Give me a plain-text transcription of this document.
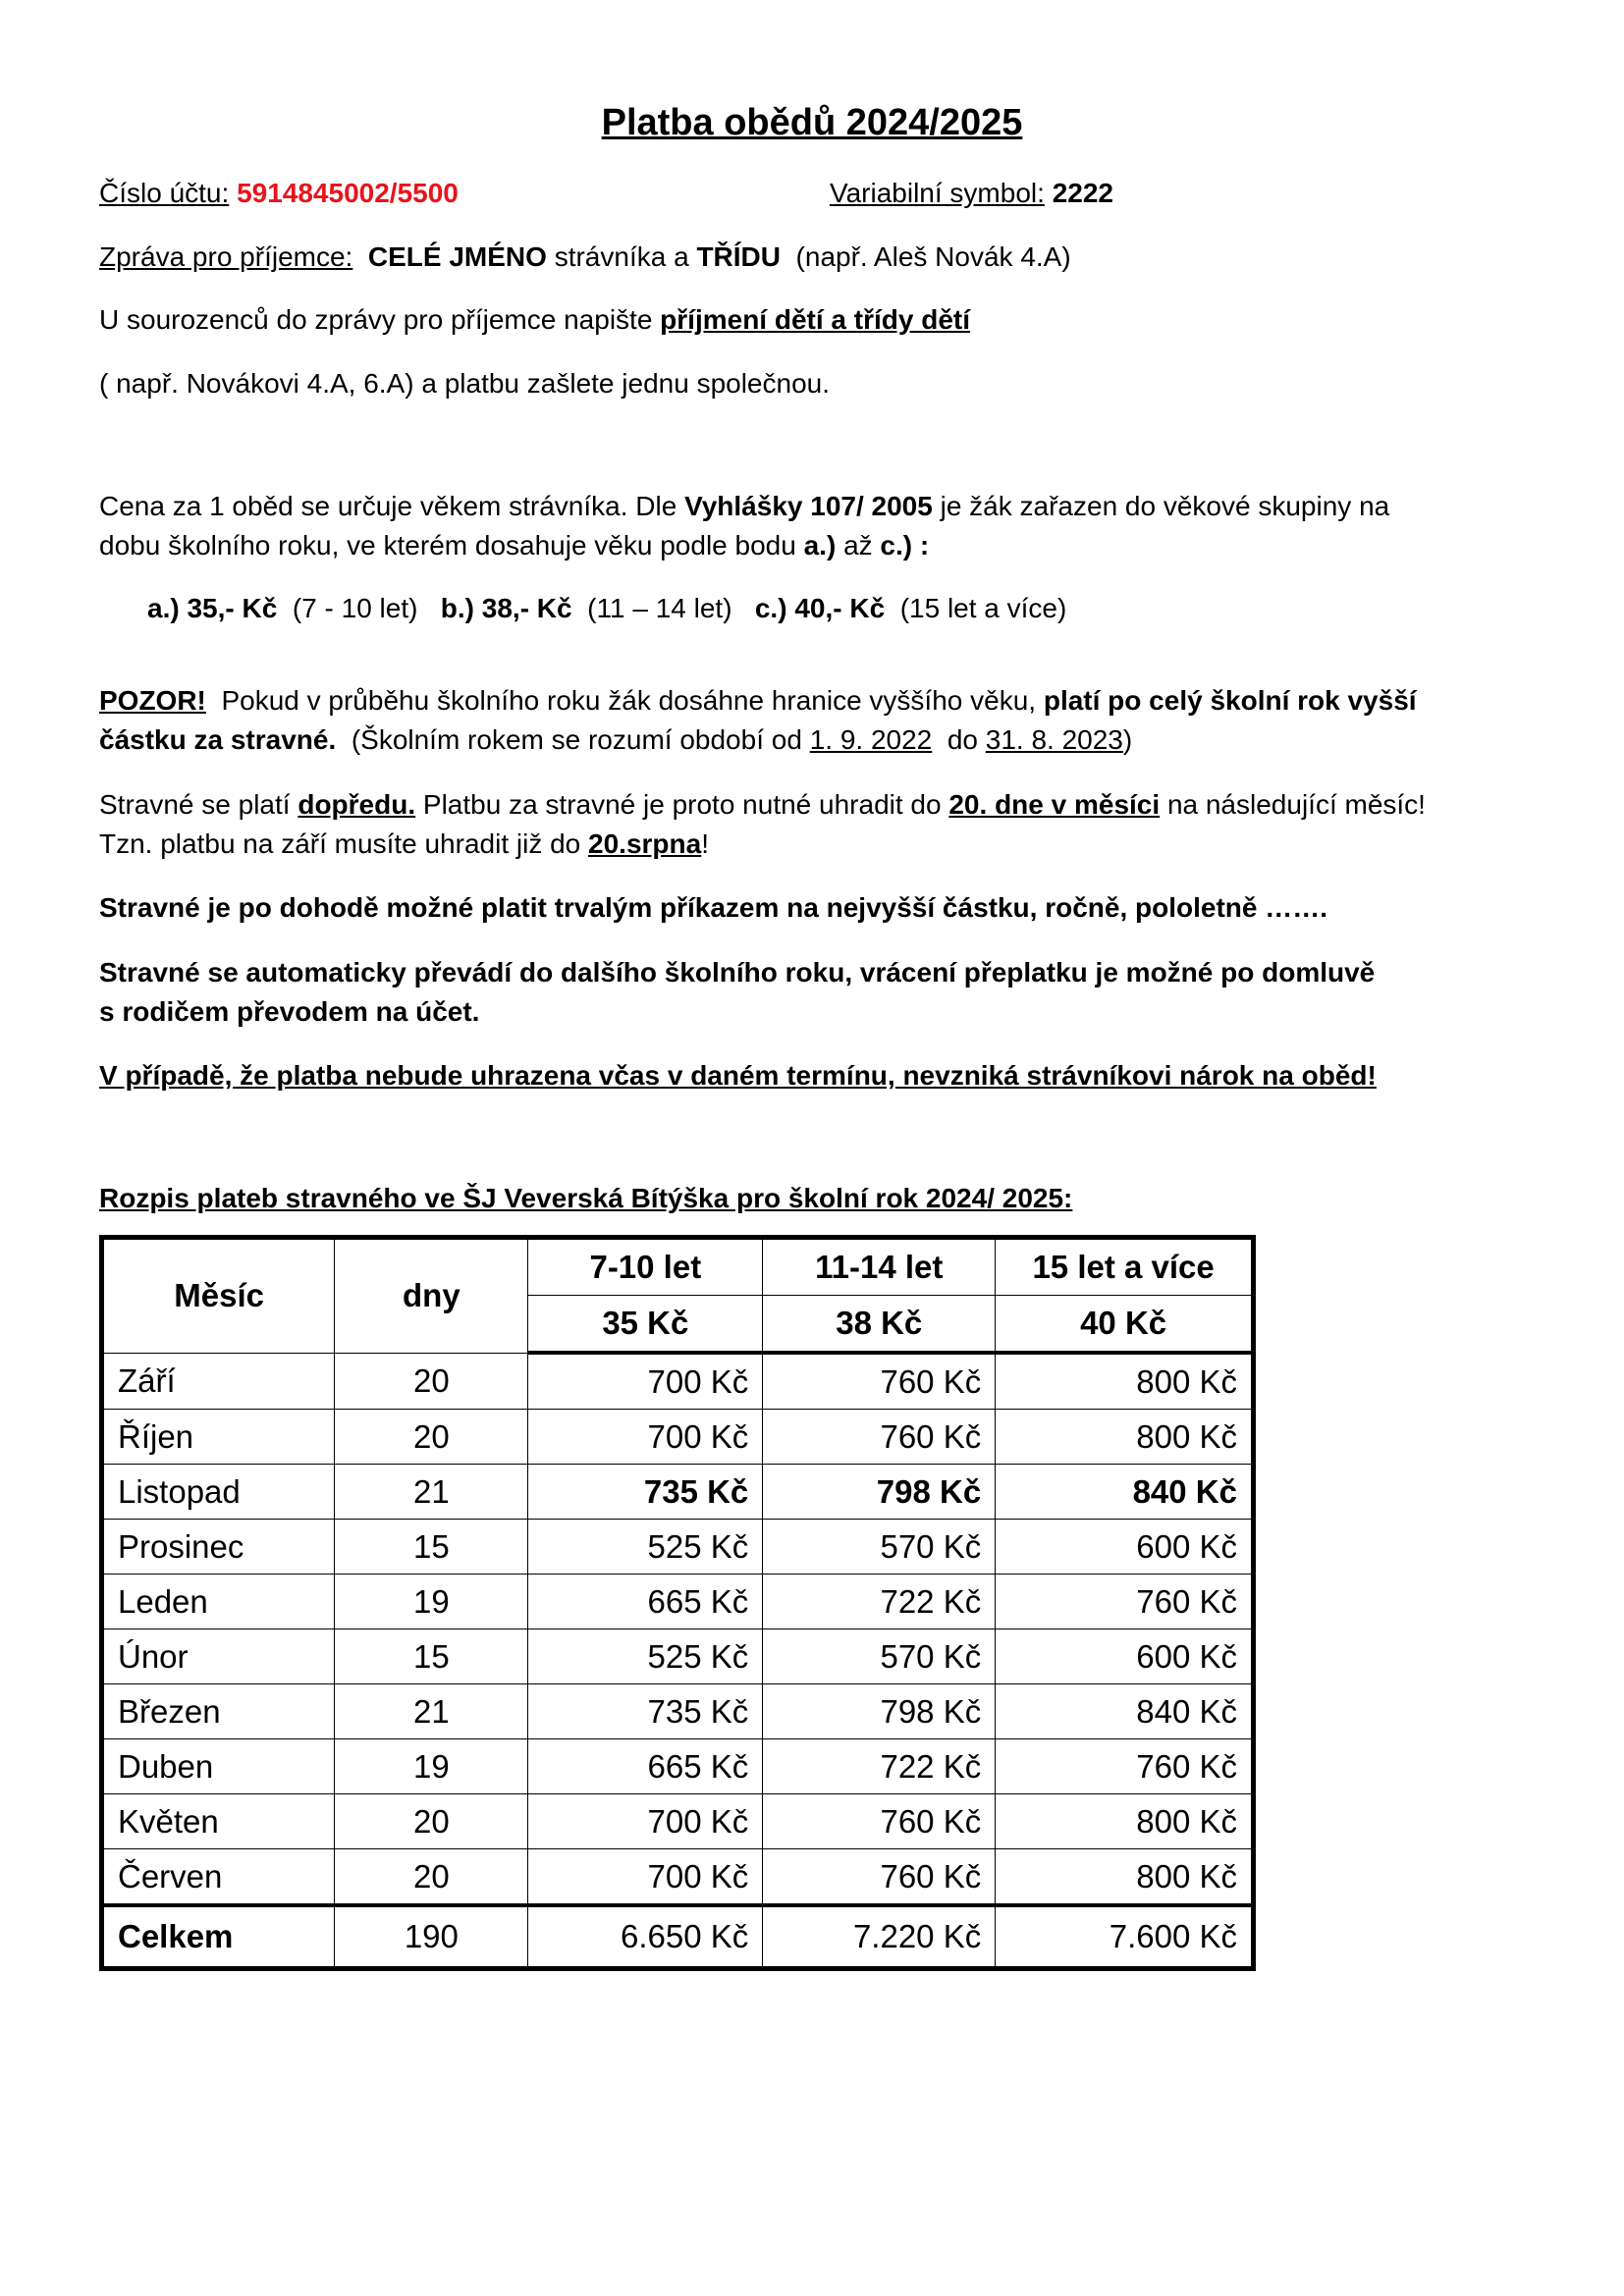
Platba obědů 2024/2025
Číslo účtu: 5914845002/5500	Variabilní symbol: 2222
Zpráva pro příjemce: CELÉ JMÉNO strávníka a TŘÍDU (např. Aleš Novák 4.A)
U sourozenců do zprávy pro příjemce napište příjmení dětí a třídy dětí
( např. Novákovi 4.A, 6.A) a platbu zašlete jednu společnou.
Cena za 1 oběd se určuje věkem strávníka. Dle Vyhlášky 107/ 2005 je žák zařazen do věkové skupiny na
dobu školního roku, ve kterém dosahuje věku podle bodu a.) až c.) :
a.) 35,- Kč (7 - 10 let) b.) 38,- Kč (11 – 14 let) c.) 40,- Kč (15 let a více)
POZOR! Pokud v průběhu školního roku žák dosáhne hranice vyššího věku, platí po celý školní rok vyšší
částku za stravné. (Školním rokem se rozumí období od 1. 9. 2022 do 31. 8. 2023)
Stravné se platí dopředu. Platbu za stravné je proto nutné uhradit do 20. dne v měsíci na následující měsíc!
Tzn. platbu na září musíte uhradit již do 20.srpna!
Stravné je po dohodě možné platit trvalým příkazem na nejvyšší částku, ročně, pololetně …….
Stravné se automaticky převádí do dalšího školního roku, vrácení přeplatku je možné po domluvě
s rodičem převodem na účet.
V případě, že platba nebude uhrazena včas v daném termínu, nevzniká strávníkovi nárok na oběd!
Rozpis plateb stravného ve ŠJ Veverská Bítýška pro školní rok 2024/ 2025:
Měsíc	dny	7-10 let	11-14 let	15 let a více
		35 Kč	38 Kč	40 Kč
Září	20	700 Kč	760 Kč	800 Kč
Říjen	20	700 Kč	760 Kč	800 Kč
Listopad	21	735 Kč	798 Kč	840 Kč
Prosinec	15	525 Kč	570 Kč	600 Kč
Leden	19	665 Kč	722 Kč	760 Kč
Únor	15	525 Kč	570 Kč	600 Kč
Březen	21	735 Kč	798 Kč	840 Kč
Duben	19	665 Kč	722 Kč	760 Kč
Květen	20	700 Kč	760 Kč	800 Kč
Červen	20	700 Kč	760 Kč	800 Kč
Celkem	190	6.650 Kč	7.220 Kč	7.600 Kč
